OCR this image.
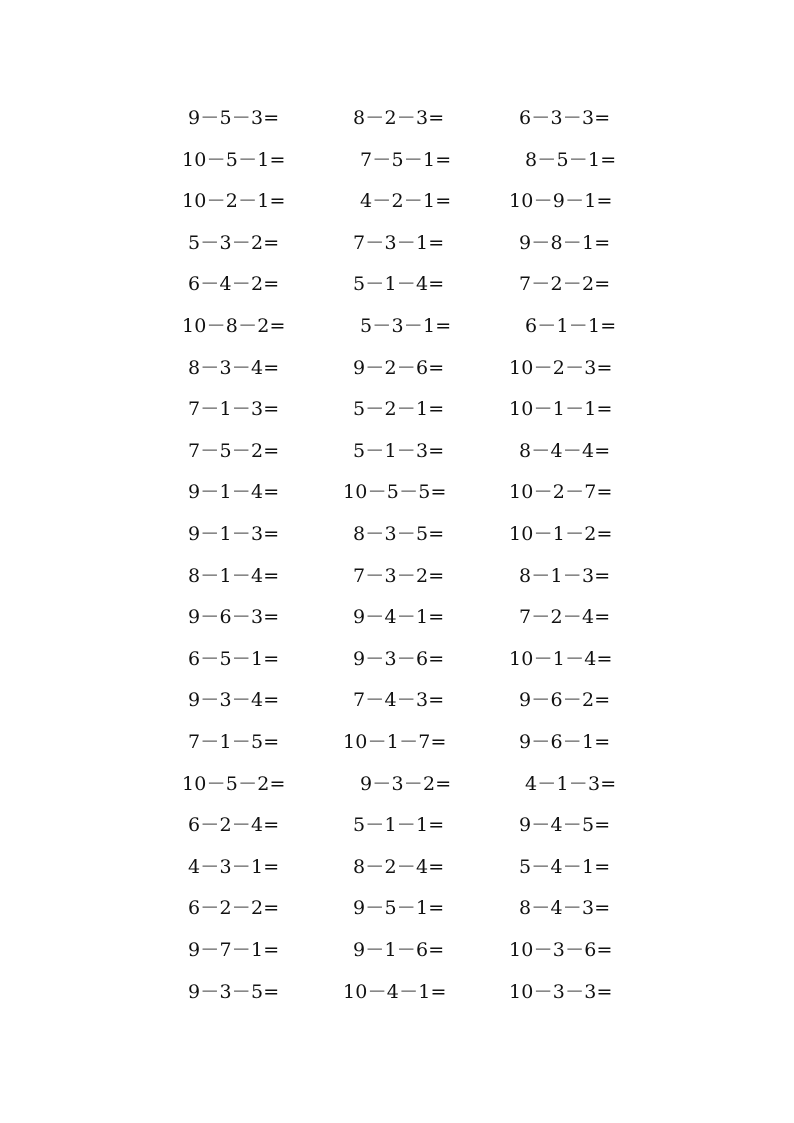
9－5－3=	8－2－3=	6－3－3=
10－5－1=	7－5－1=	8－5－1=
10－2－1=	4－2－1=	10－9－1=
5－3－2=	7－3－1=	9－8－1=
6－4－2=	5－1－4=	7－2－2=
10－8－2=	5－3－1=	6－1－1=
8－3－4=	9－2－6=	10－2－3=
7－1－3=	5－2－1=	10－1－1=
7－5－2=	5－1－3=	8－4－4=
9－1－4=	10－5－5=	10－2－7=
9－1－3=	8－3－5=	10－1－2=
8－1－4=	7－3－2=	8－1－3=
9－6－3=	9－4－1=	7－2－4=
6－5－1=	9－3－6=	10－1－4=
9－3－4=	7－4－3=	9－6－2=
7－1－5=	10－1－7=	9－6－1=
10－5－2=	9－3－2=	4－1－3=
6－2－4=	5－1－1=	9－4－5=
4－3－1=	8－2－4=	5－4－1=
6－2－2=	9－5－1=	8－4－3=
9－7－1=	9－1－6=	10－3－6=
9－3－5=	10－4－1=	10－3－3=
